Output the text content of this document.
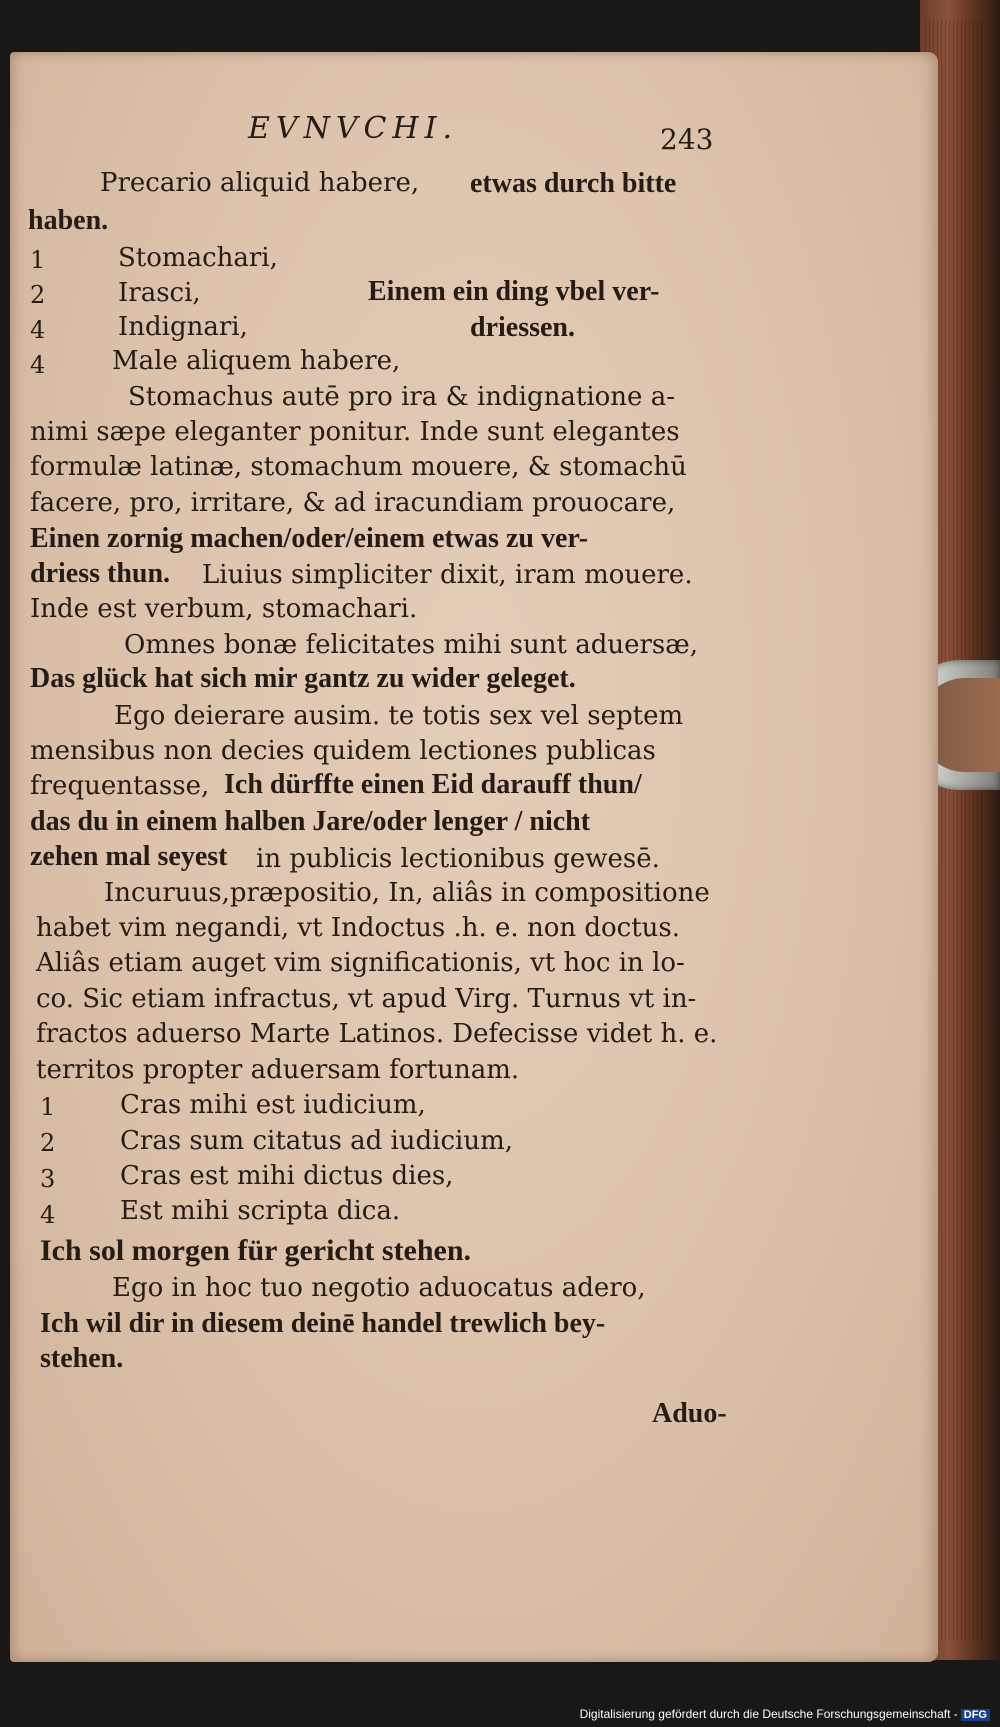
EVNVCHI.	243
Precario aliquid habere, etwas durch bitte
haben.
1	Stomachari,
2	Irasci,	Einem ein ding vbel ver-
4	Indignari,	driessen.
4	Male aliquem habere,
Stomachus autē pro ira & indignatione a-
nimi sæpe eleganter ponitur. Inde sunt elegantes
formulæ latinæ, stomachum mouere, & stomachū
facere, pro, irritare, & ad iracundiam prouocare,
Einen zornig machen/oder/einem etwas zu ver-
driess thun. Liuius simpliciter dixit, iram mouere.
Inde est verbum, stomachari.
Omnes bonæ felicitates mihi sunt aduersæ,
Das glück hat sich mir gantz zu wider geleget.
Ego deierare ausim. te totis sex vel septem
mensibus non decies quidem lectiones publicas
frequentasse, Ich dürffte einen Eid darauff thun/
das du in einem halben Jare/oder lenger / nicht
zehen mal seyest in publicis lectionibus gewesē.
Incuruus,præpositio, In, aliâs in compositione
habet vim negandi, vt Indoctus .h. e. non doctus.
Aliâs etiam auget vim significationis, vt hoc in lo-
co. Sic etiam infractus, vt apud Virg. Turnus vt in-
fractos aduerso Marte Latinos. Defecisse videt h. e.
territos propter aduersam fortunam.
1 Cras mihi est iudicium,
2 Cras sum citatus ad iudicium,
3 Cras est mihi dictus dies,
4 Est mihi scripta dica.
Ich sol morgen für gericht stehen.
Ego in hoc tuo negotio aduocatus adero,
Ich wil dir in diesem deinē handel trewlich bey-
stehen.
Aduo-
Digitalisierung gefördert durch die Deutsche Forschungsgemeinschaft - DFG
